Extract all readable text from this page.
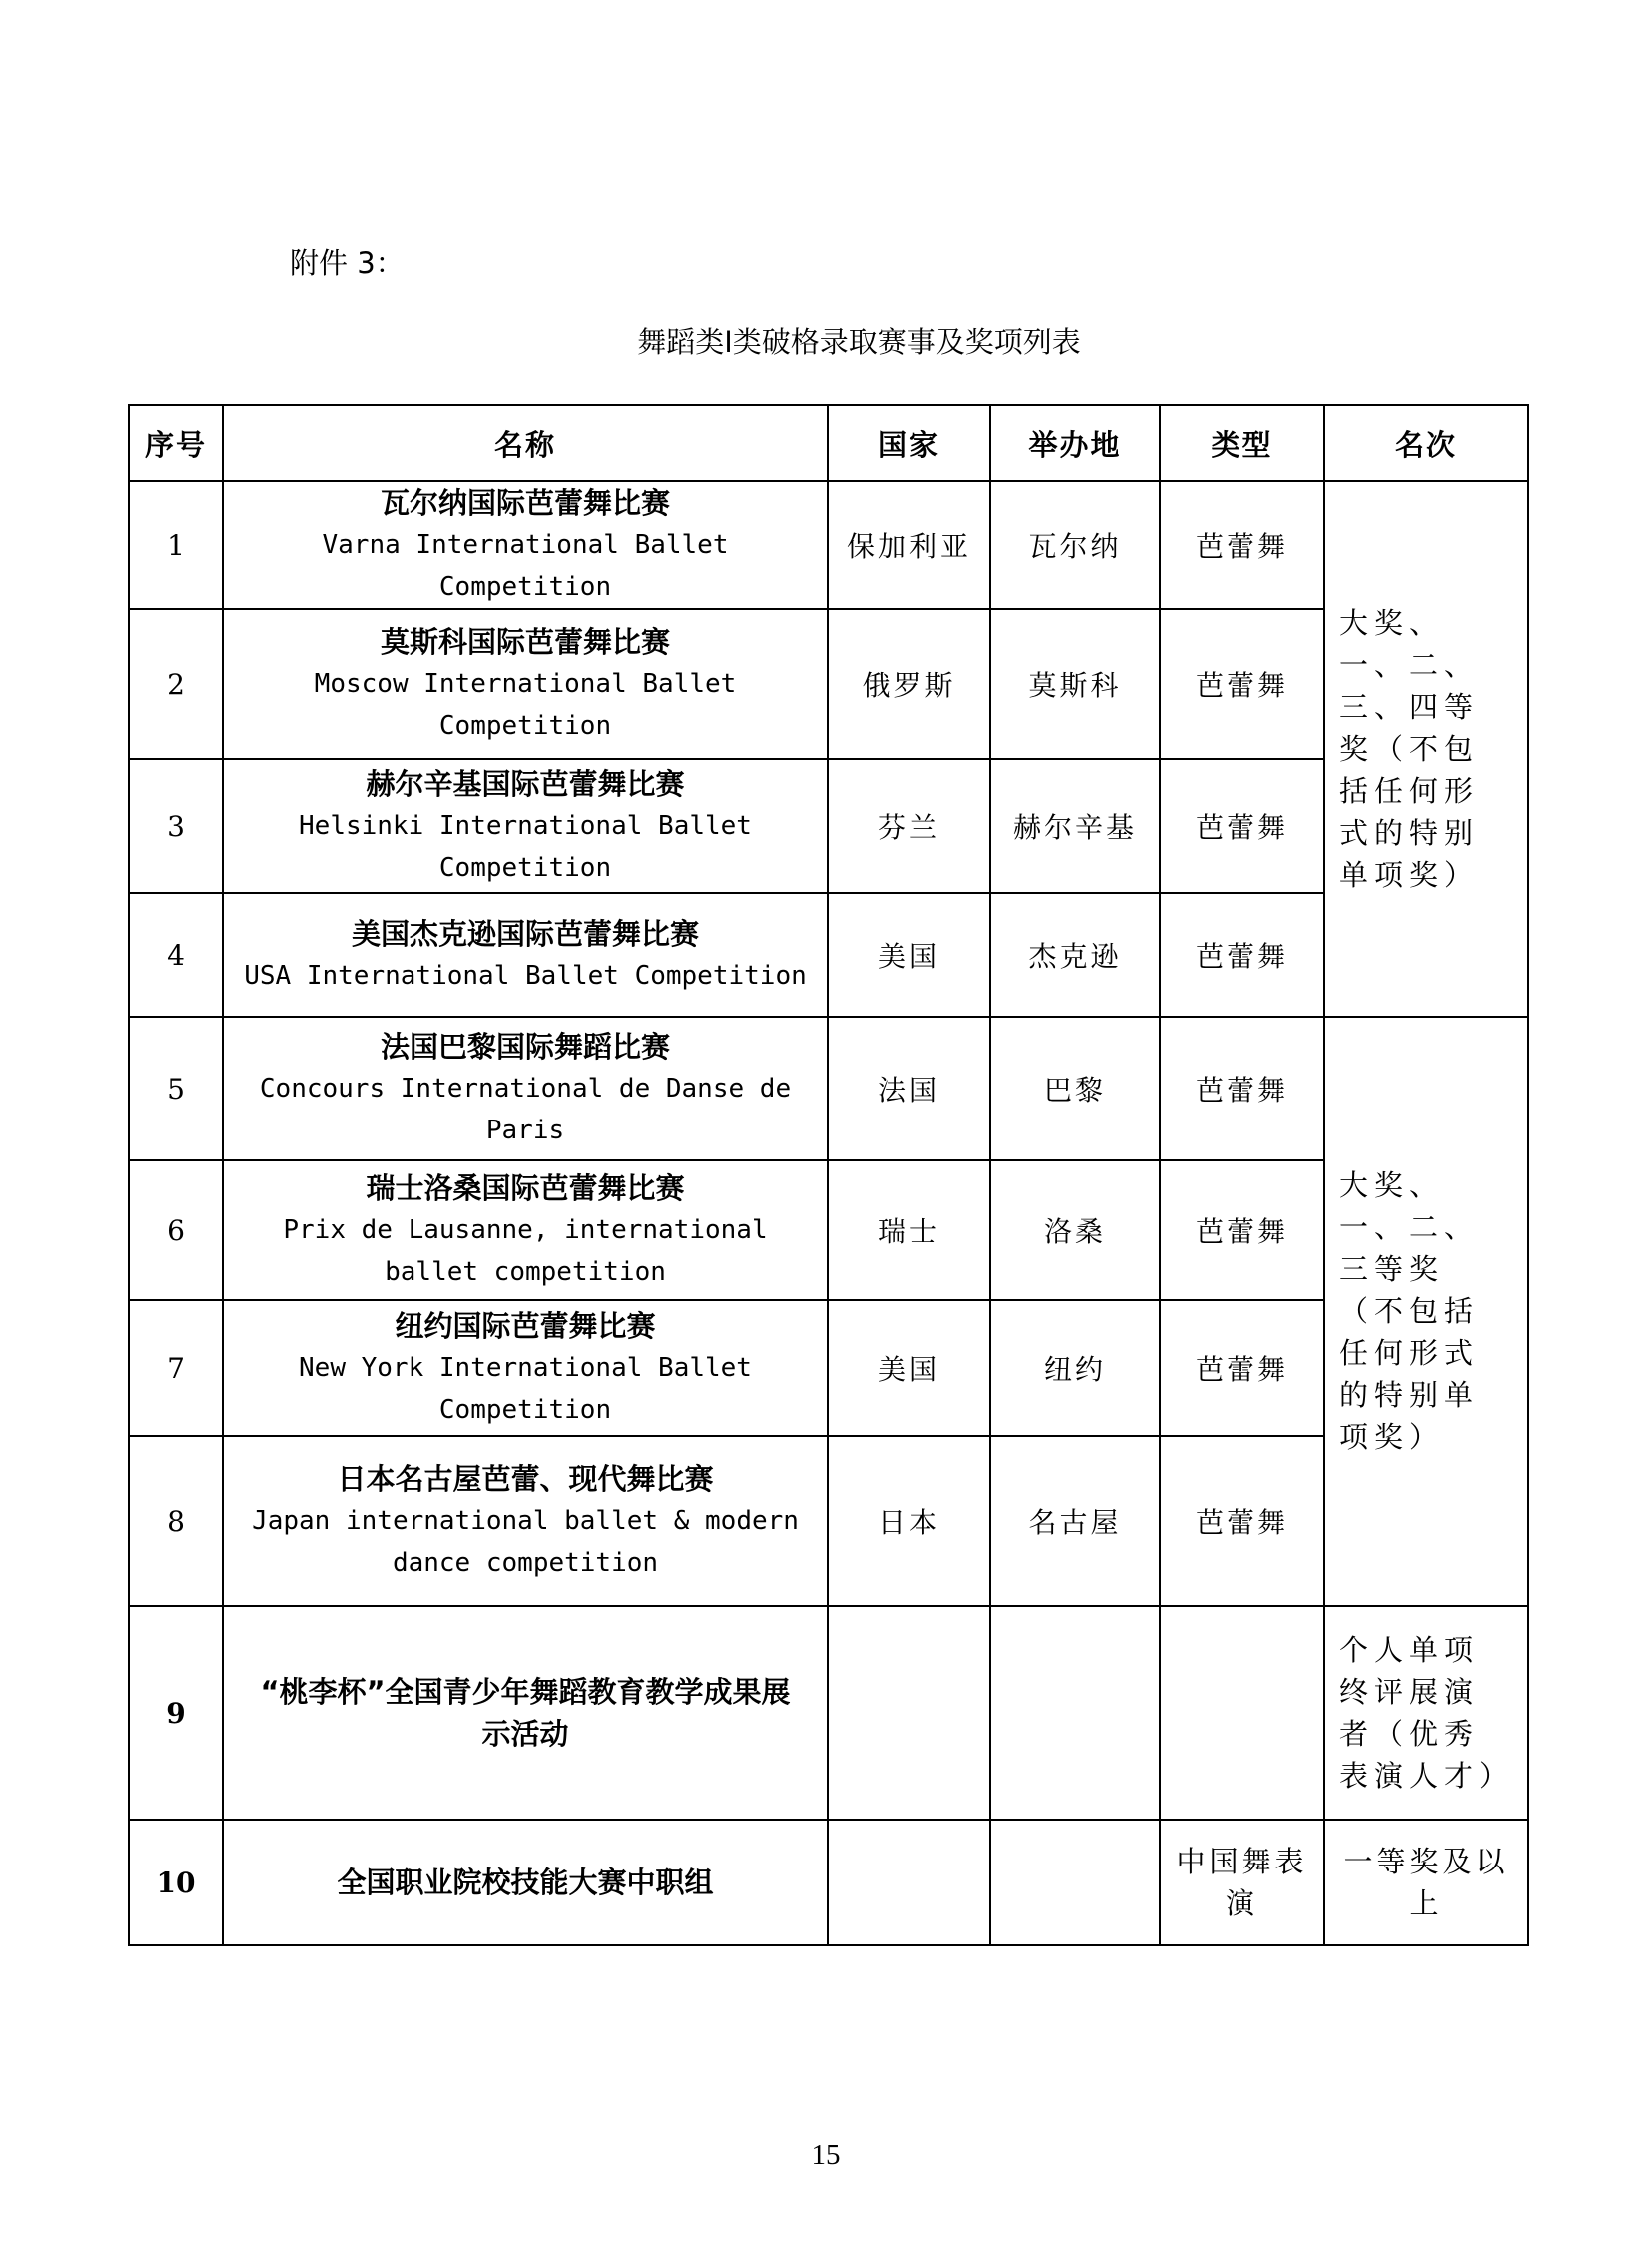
附件 3：
舞蹈类Ⅰ类破格录取赛事及奖项列表
序号	名称	国家	举办地	类型	名次
1	瓦尔纳国际芭蕾舞比赛
Varna International Ballet Competition	保加利亚	瓦尔纳	芭蕾舞	大奖、一、二、三、四等奖（不包括任何形式的特别单项奖）
2	莫斯科国际芭蕾舞比赛
Moscow International Ballet Competition	俄罗斯	莫斯科	芭蕾舞	
3	赫尔辛基国际芭蕾舞比赛
Helsinki International Ballet Competition	芬兰	赫尔辛基	芭蕾舞	
4	美国杰克逊国际芭蕾舞比赛
USA International Ballet Competition	美国	杰克逊	芭蕾舞	
5	法国巴黎国际舞蹈比赛
Concours International de Danse de Paris	法国	巴黎	芭蕾舞	大奖、一、二、三等奖（不包括任何形式的特别单项奖）
6	瑞士洛桑国际芭蕾舞比赛
Prix de Lausanne, international ballet competition	瑞士	洛桑	芭蕾舞	
7	纽约国际芭蕾舞比赛
New York International Ballet Competition	美国	纽约	芭蕾舞	
8	日本名古屋芭蕾、现代舞比赛
Japan international ballet & modern dance competition	日本	名古屋	芭蕾舞	
9	“桃李杯”全国青少年舞蹈教育教学成果展示活动				个人单项终评展演者（优秀表演人才）
10	全国职业院校技能大赛中职组			中国舞表演	一等奖及以上
15
